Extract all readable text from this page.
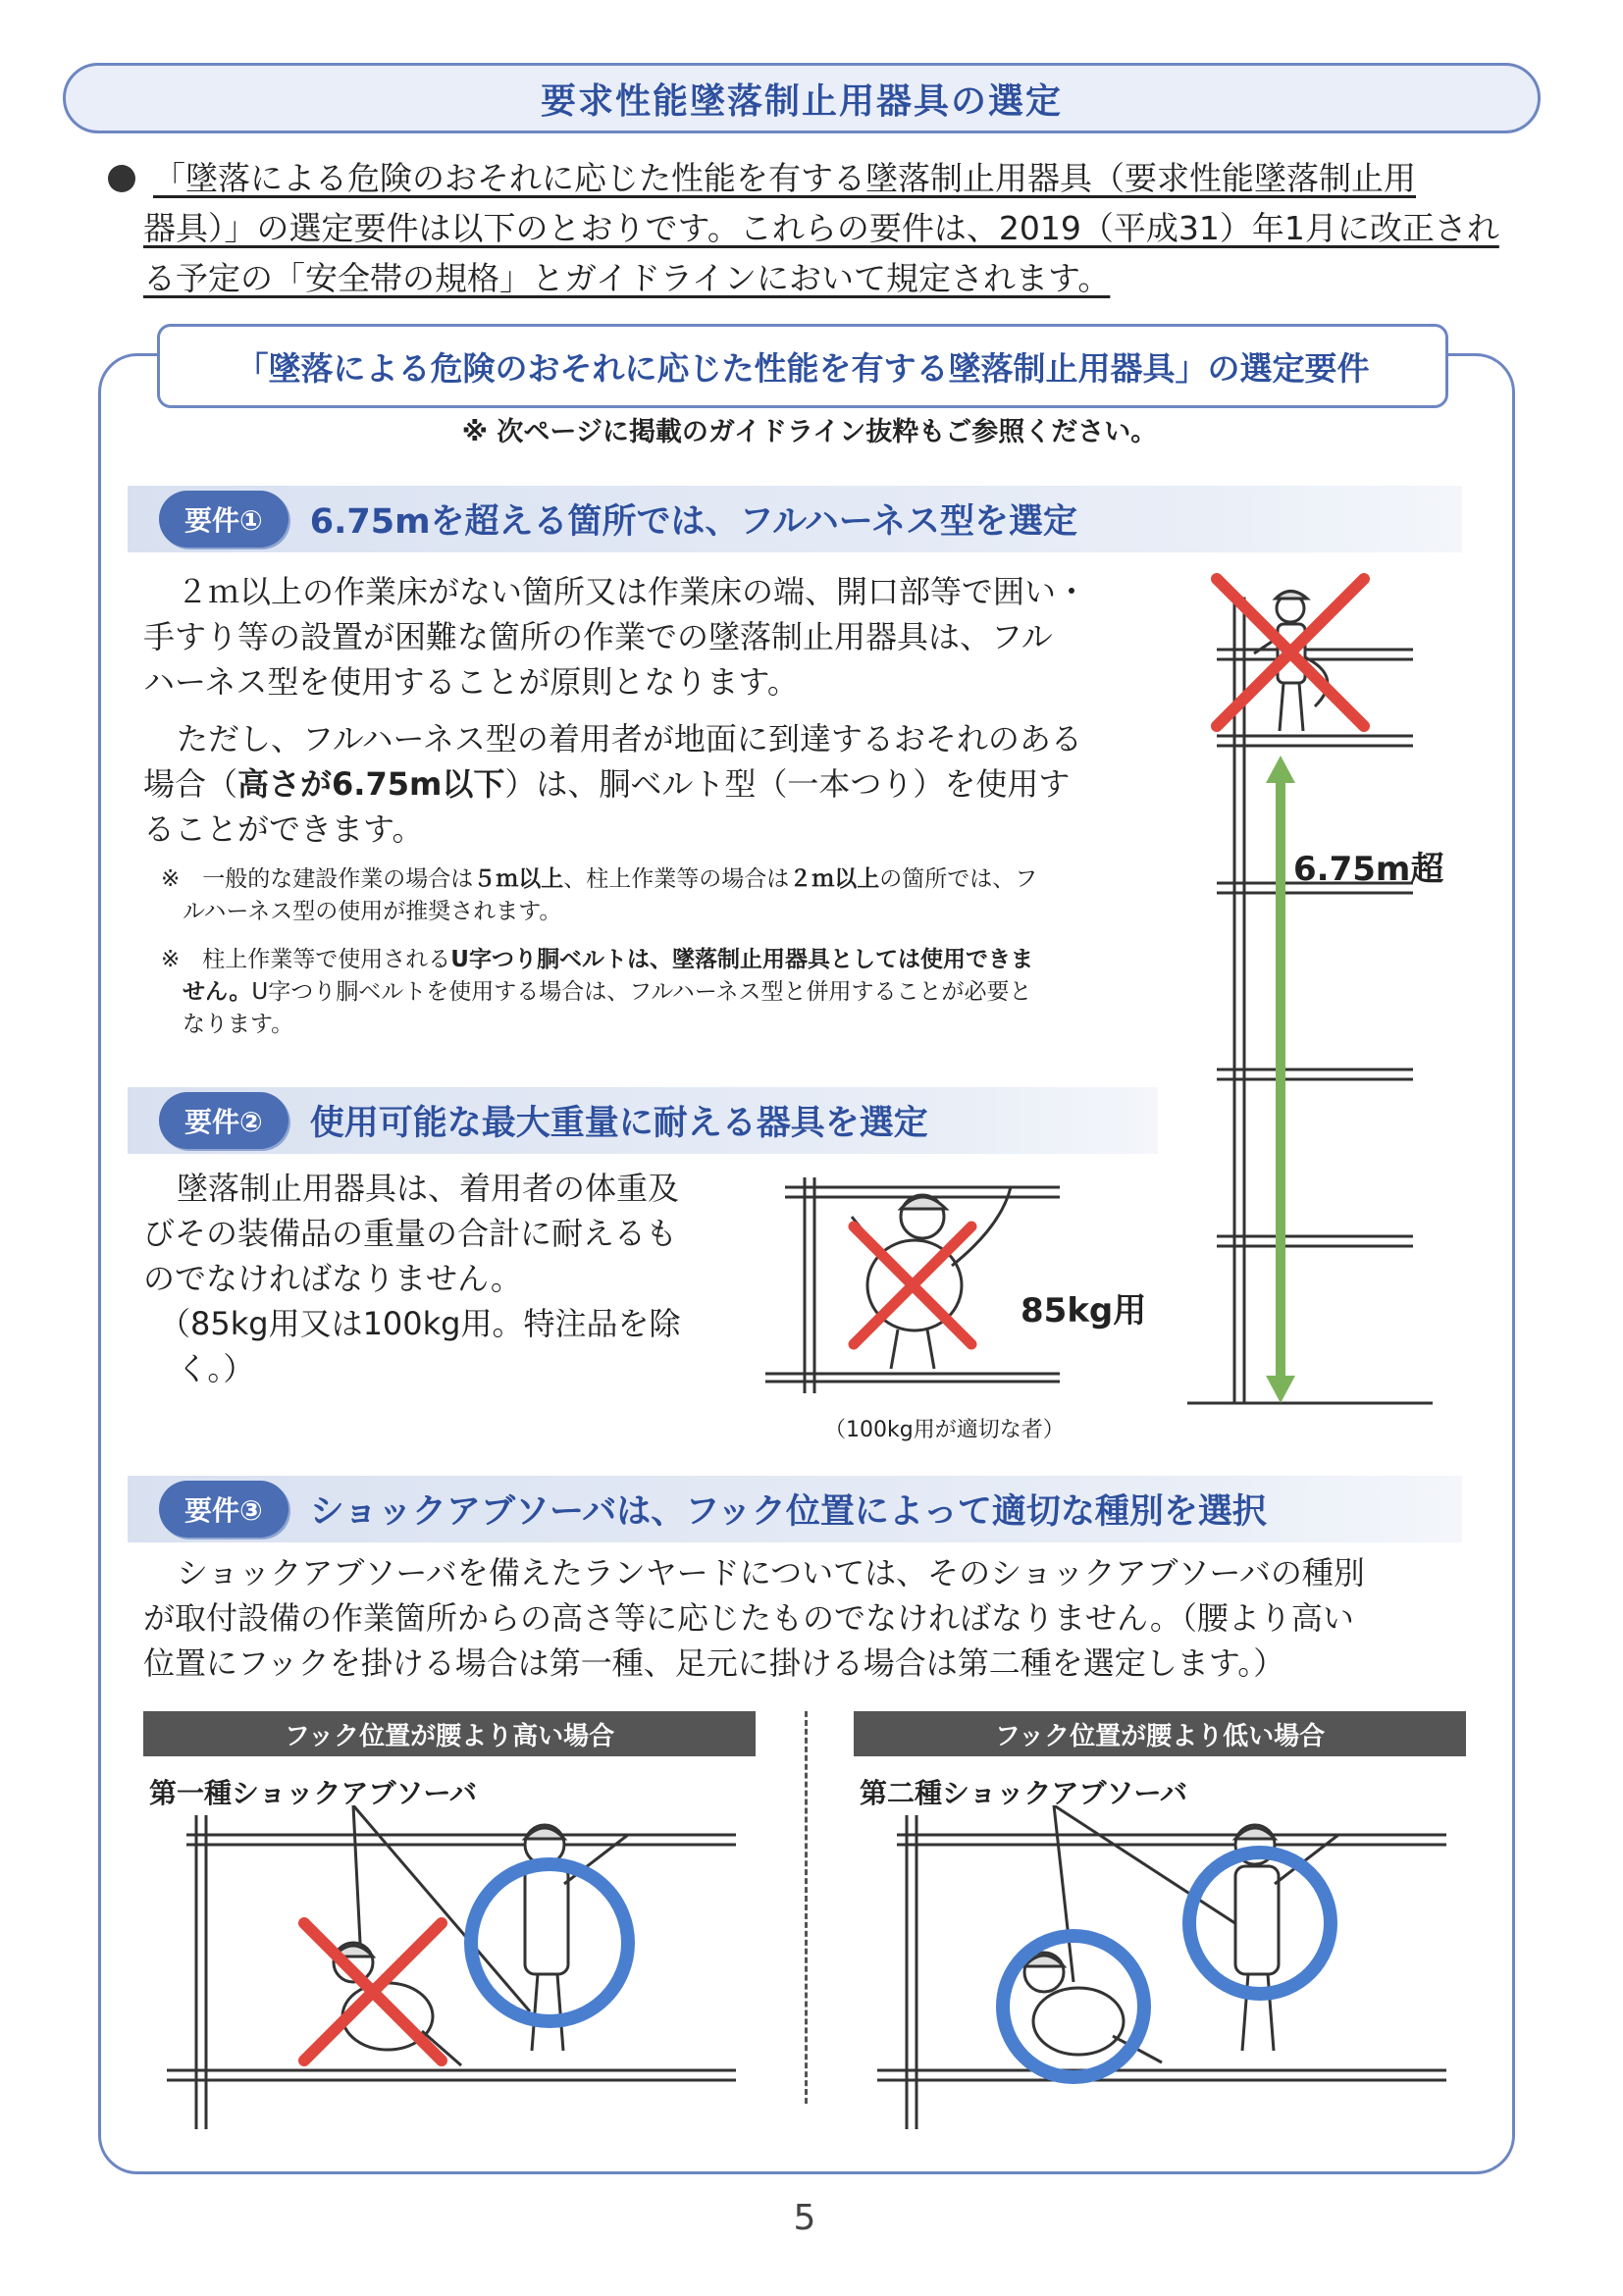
要求性能墜落制止用器具の選定
「墜落による危険のおそれに応じた性能を有する墜落制止用器具（要求性能墜落制止用
器具）」の選定要件は以下のとおりです。これらの要件は、2019（平成31）年1月に改正され
る予定の「安全帯の規格」とガイドラインにおいて規定されます。
「墜落による危険のおそれに応じた性能を有する墜落制止用器具」の選定要件
※ 次ページに掲載のガイドライン抜粋もご参照ください。
要件①	6.75mを超える箇所では、フルハーネス型を選定
２ｍ以上の作業床がない箇所又は作業床の端、開口部等で囲い・
手すり等の設置が困難な箇所の作業での墜落制止用器具は、フル
ハーネス型を使用することが原則となります。
ただし、フルハーネス型の着用者が地面に到達するおそれのある
場合（高さが6.75m以下）は、胴ベルト型（一本つり）を使用す
ることができます。
※　一般的な建設作業の場合は５ｍ以上、柱上作業等の場合は２ｍ以上の箇所では、フ
ルハーネス型の使用が推奨されます。
※　柱上作業等で使用されるU字つり胴ベルトは、墜落制止用器具としては使用できま
せん。U字つり胴ベルトを使用する場合は、フルハーネス型と併用することが必要と
なります。
6.75m超
要件②	使用可能な最大重量に耐える器具を選定
墜落制止用器具は、着用者の体重及
びその装備品の重量の合計に耐えるも
のでなければなりません。
（85kg用又は100kg用。特注品を除
く。）
85kg用
（100kg用が適切な者）
要件③	ショックアブソーバは、フック位置によって適切な種別を選択
ショックアブソーバを備えたランヤードについては、そのショックアブソーバの種別
が取付設備の作業箇所からの高さ等に応じたものでなければなりません。（腰より高い
位置にフックを掛ける場合は第一種、足元に掛ける場合は第二種を選定します。）
フック位置が腰より高い場合	フック位置が腰より低い場合
第一種ショックアブソーバ	第二種ショックアブソーバ
5
